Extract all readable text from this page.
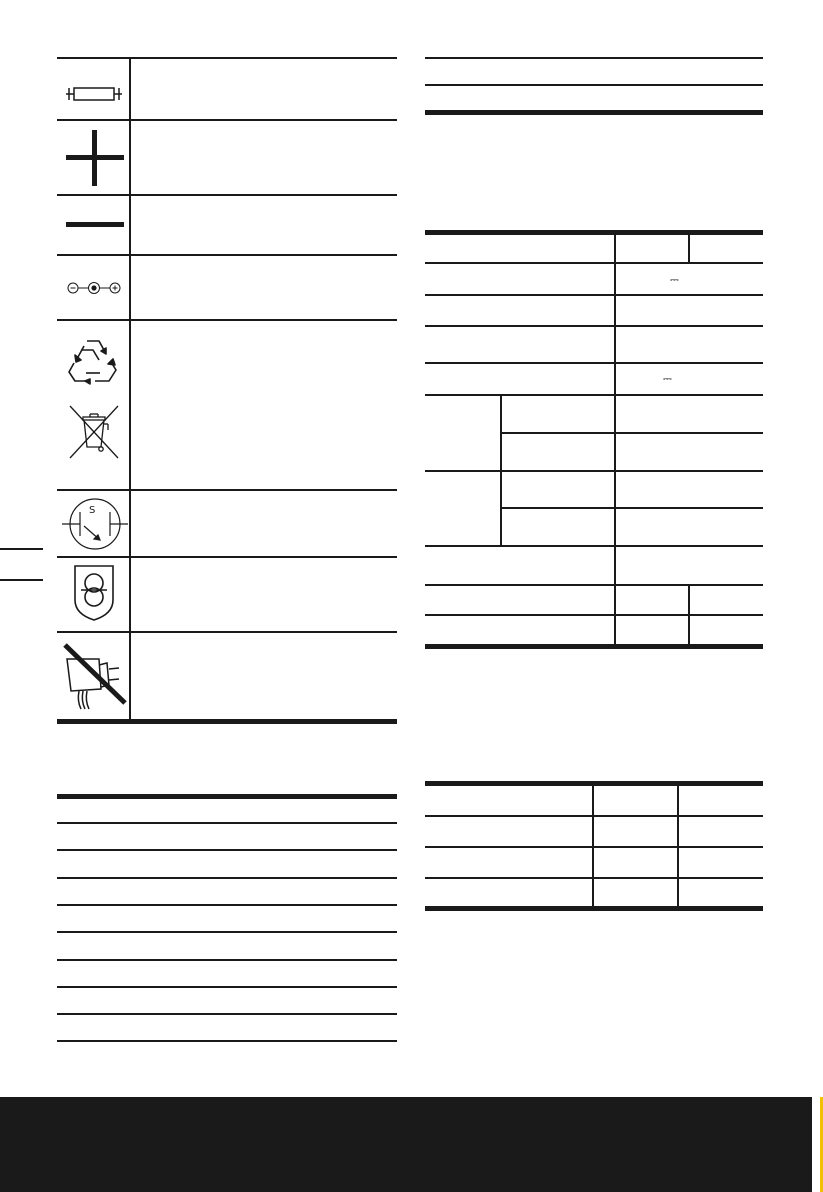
S
⎓
⎓
